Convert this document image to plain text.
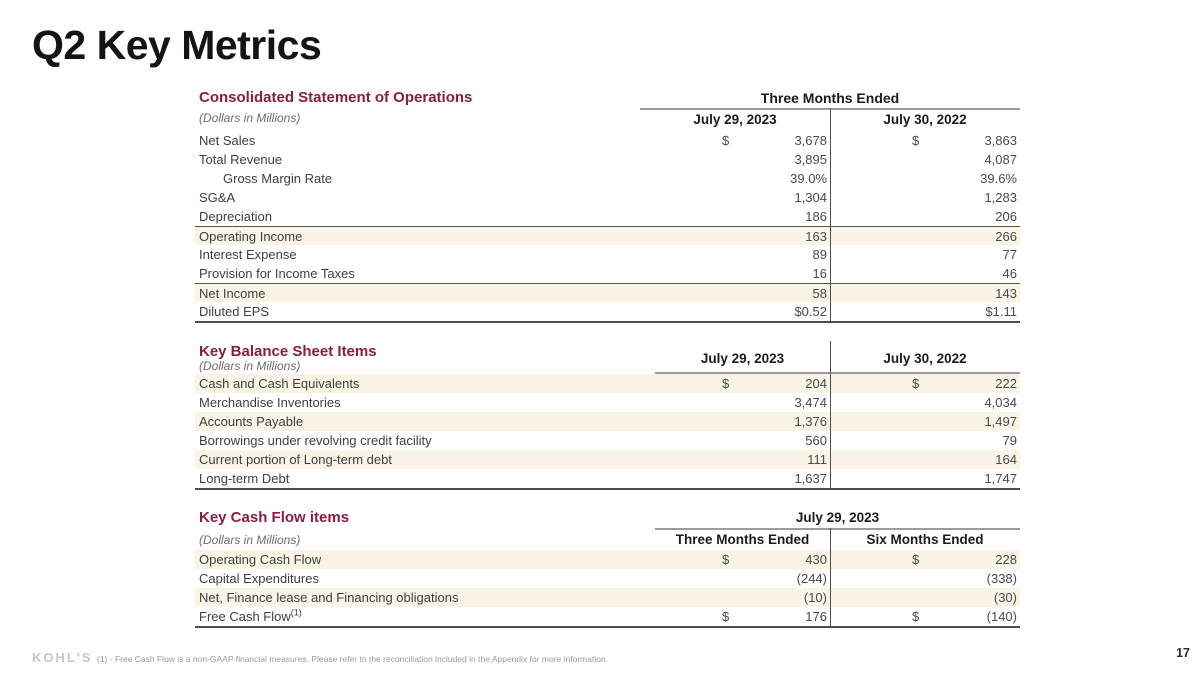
Q2 Key Metrics
Consolidated Statement of Operations
(Dollars in Millions)
Three Months Ended
July 29, 2023	July 30, 2022
Net Sales	$	3,678	$	3,863
Total Revenue	3,895	4,087
Gross Margin Rate	39.0%	39.6%
SG&A	1,304	1,283
Depreciation	186	206
Operating Income	163	266
Interest Expense	89	77
Provision for Income Taxes	16	46
Net Income	58	143
Diluted EPS	$0.52	$1.11
Key Balance Sheet Items
(Dollars in Millions)	July 29, 2023	July 30, 2022
Cash and Cash Equivalents	$	204	$	222
Merchandise Inventories	3,474	4,034
Accounts Payable	1,376	1,497
Borrowings under revolving credit facility	560	79
Current portion of Long-term debt	111	164
Long-term Debt	1,637	1,747
Key Cash Flow items
(Dollars in Millions)
July 29, 2023
Three Months Ended	Six Months Ended
Operating Cash Flow	$	430	$	228
Capital Expenditures	(244)	(338)
Net, Finance lease and Financing obligations	(10)	(30)
Free Cash Flow$^{(1)}$	$	176	$	(140)
KOHL'S (1) - Free Cash Flow is a non-GAAP financial measures. Please refer to the reconciliation included in the Appendix for more information.	17
